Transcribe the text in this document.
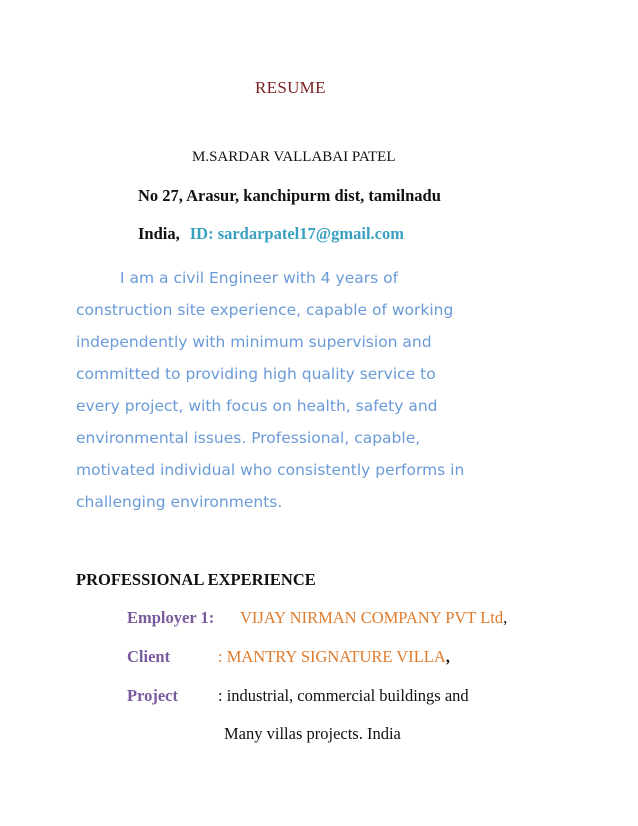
RESUME
M.SARDAR VALLABAI PATEL
No 27, Arasur, kanchipurm dist, tamilnadu
India, ID: sardarpatel17@gmail.com
I am a civil Engineer with 4 years of
construction site experience, capable of working
independently with minimum supervision and
committed to providing high quality service to
every project, with focus on health, safety and
environmental issues. Professional, capable,
motivated individual who consistently performs in
challenging environments.
PROFESSIONAL EXPERIENCE
Employer 1: VIJAY NIRMAN COMPANY PVT Ltd,
Client	: MANTRY SIGNATURE VILLA,
Project : industrial, commercial buildings and
Many villas projects. India
